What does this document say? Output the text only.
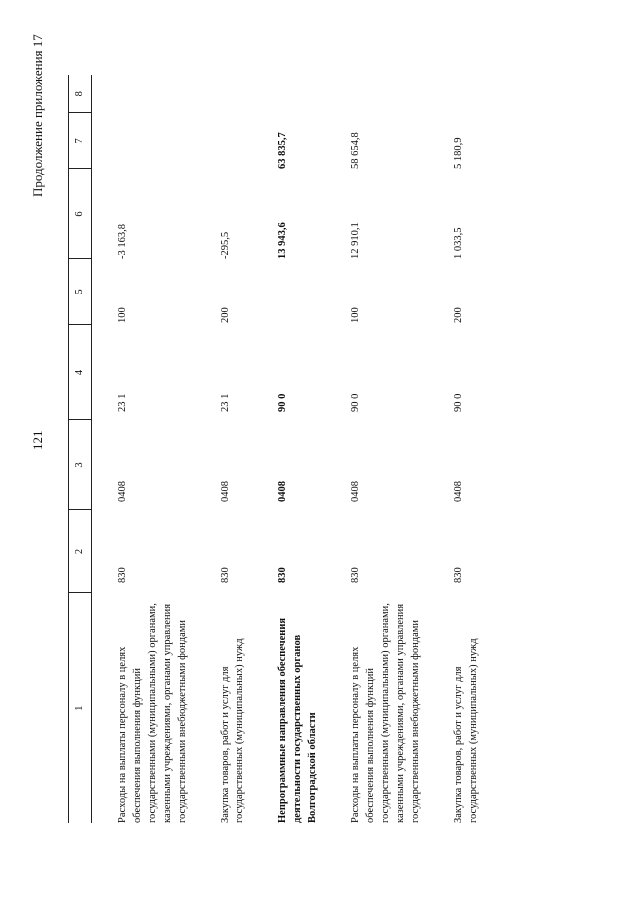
121
Продолжение приложения 17
1	2	3	4	5	6	7	8
Расходы на выплаты персоналу в целях обеспечения выполнения функций государственными (муниципальными) органами, казенными учреждениями, органами управления государственными внебюджетными фондами	830	0408	23 1	100	-3 163,8		
Закупка товаров, работ и услуг для государственных (муниципальных) нужд	830	0408	23 1	200	-295,5		
Непрограммные направления обеспечения деятельности государственных органов Волгоградской области	830	0408	90 0		13 943,6	63 835,7	
Расходы на выплаты персоналу в целях обеспечения выполнения функций государственными (муниципальными) органами, казенными учреждениями, органами управления государственными внебюджетными фондами	830	0408	90 0	100	12 910,1	58 654,8	
Закупка товаров, работ и услуг для государственных (муниципальных) нужд	830	0408	90 0	200	1 033,5	5 180,9	
